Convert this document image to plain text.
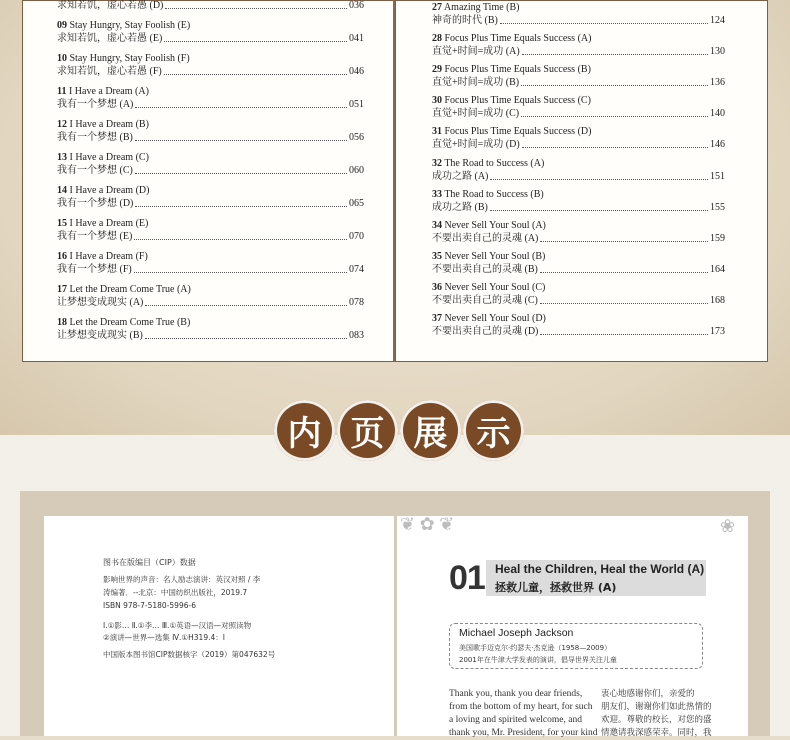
求知若饥，虚心若愚 (D)	036
09 Stay Hungry, Stay Foolish (E)
求知若饥，虚心若愚 (E)	041
10 Stay Hungry, Stay Foolish (F)
求知若饥，虚心若愚 (F)	046
11 I Have a Dream (A)
我有一个梦想 (A)	051
12 I Have a Dream (B)
我有一个梦想 (B)	056
13 I Have a Dream (C)
我有一个梦想 (C)	060
14 I Have a Dream (D)
我有一个梦想 (D)	065
15 I Have a Dream (E)
我有一个梦想 (E)	070
16 I Have a Dream (F)
我有一个梦想 (F)	074
17 Let the Dream Come True (A)
让梦想变成现实 (A)	078
18 Let the Dream Come True (B)
让梦想变成现实 (B)	083
27 Amazing Time (B)
神奇的时代 (B)	124
28 Focus Plus Time Equals Success (A)
直觉+时间=成功 (A)	130
29 Focus Plus Time Equals Success (B)
直觉+时间=成功 (B)	136
30 Focus Plus Time Equals Success (C)
直觉+时间=成功 (C)	140
31 Focus Plus Time Equals Success (D)
直觉+时间=成功 (D)	146
32 The Road to Success (A)
成功之路 (A)	151
33 The Road to Success (B)
成功之路 (B)	155
34 Never Sell Your Soul (A)
不要出卖自己的灵魂 (A)	159
35 Never Sell Your Soul (B)
不要出卖自己的灵魂 (B)	164
36 Never Sell Your Soul (C)
不要出卖自己的灵魂 (C)	168
37 Never Sell Your Soul (D)
不要出卖自己的灵魂 (D)	173
内 页 展 示
图书在版编目（CIP）数据
影响世界的声音：名人励志演讲：英汉对照 / 李
涛编著．--北京：中国纺织出版社，2019.7
ISBN 978-7-5180-5996-6
Ⅰ.①影… Ⅱ.①李… Ⅲ.①英语—汉语—对照读物
②演讲—世界—选集 Ⅳ.①H319.4：Ⅰ
中国版本图书馆CIP数据核字（2019）第047632号
❦ ✿ ❦	❀
01 Heal the Children, Heal the World (A)
拯救儿童，拯救世界 (A)
Michael Joseph Jackson
美国歌手迈克尔·约瑟夫·杰克逊（1958—2009）
2001年在牛津大学发表的演讲，倡导世界关注儿童
Thank you, thank you dear friends,
from the bottom of my heart, for such
a loving and spirited welcome, and
thank you, Mr. President, for your kind
衷心地感谢你们，亲爱的
朋友们，谢谢你们如此热情的
欢迎。尊敬的校长，对您的盛
情邀请我深感荣幸。同时，我
